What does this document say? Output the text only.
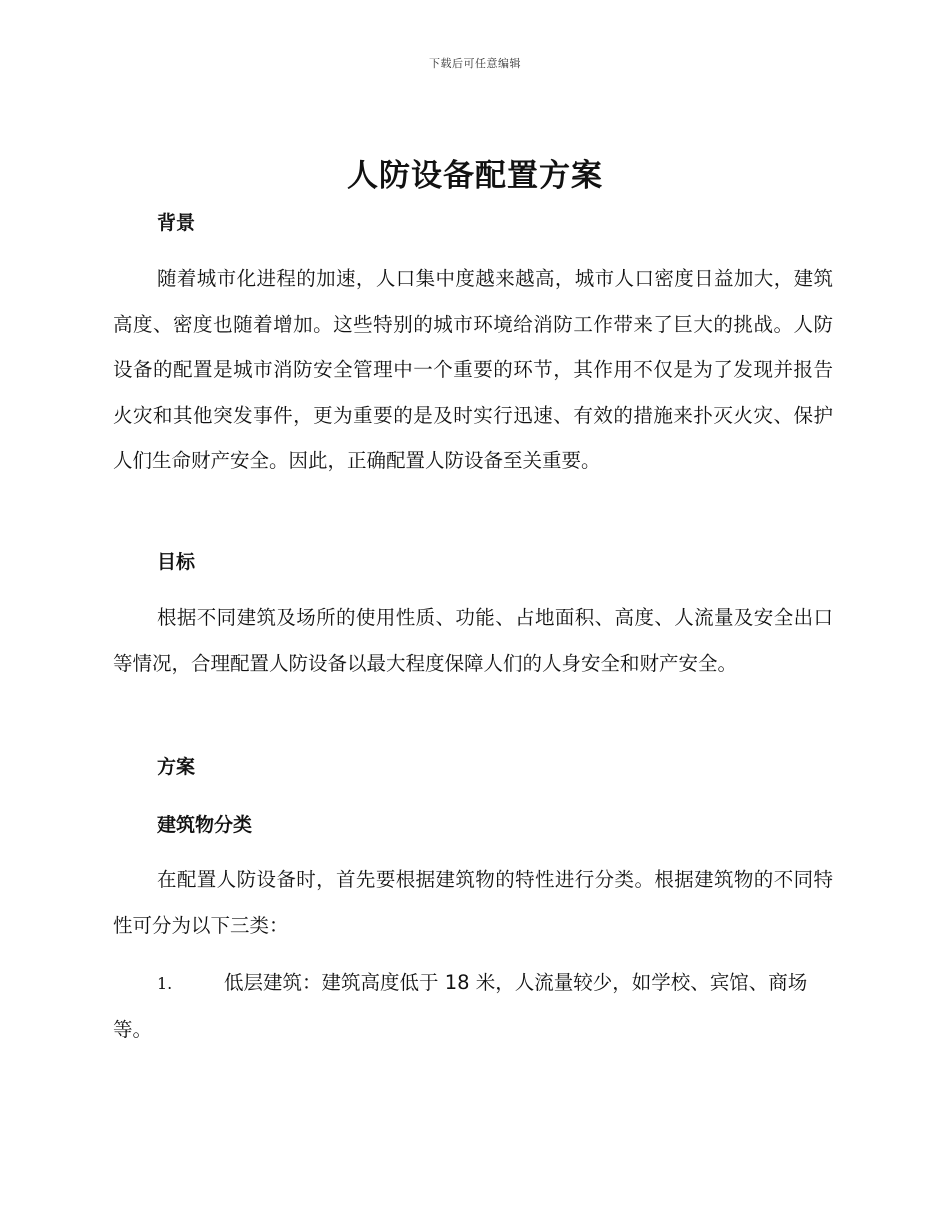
下载后可任意编辑
人防设备配置方案
背景

随着城市化进程的加速，人口集中度越来越高，城市人口密度日益加大，建筑高度、密度也随着增加。这些特别的城市环境给消防工作带来了巨大的挑战。人防设备的配置是城市消防安全管理中一个重要的环节，其作用不仅是为了发现并报告火灾和其他突发事件，更为重要的是及时实行迅速、有效的措施来扑灭火灾、保护人们生命财产安全。因此，正确配置人防设备至关重要。

目标

根据不同建筑及场所的使用性质、功能、占地面积、高度、人流量及安全出口等情况，合理配置人防设备以最大程度保障人们的人身安全和财产安全。

方案
建筑物分类

在配置人防设备时，首先要根据建筑物的特性进行分类。根据建筑物的不同特性可分为以下三类：

1.	低层建筑：建筑高度低于 18 米，人流量较少，如学校、宾馆、商场等。
